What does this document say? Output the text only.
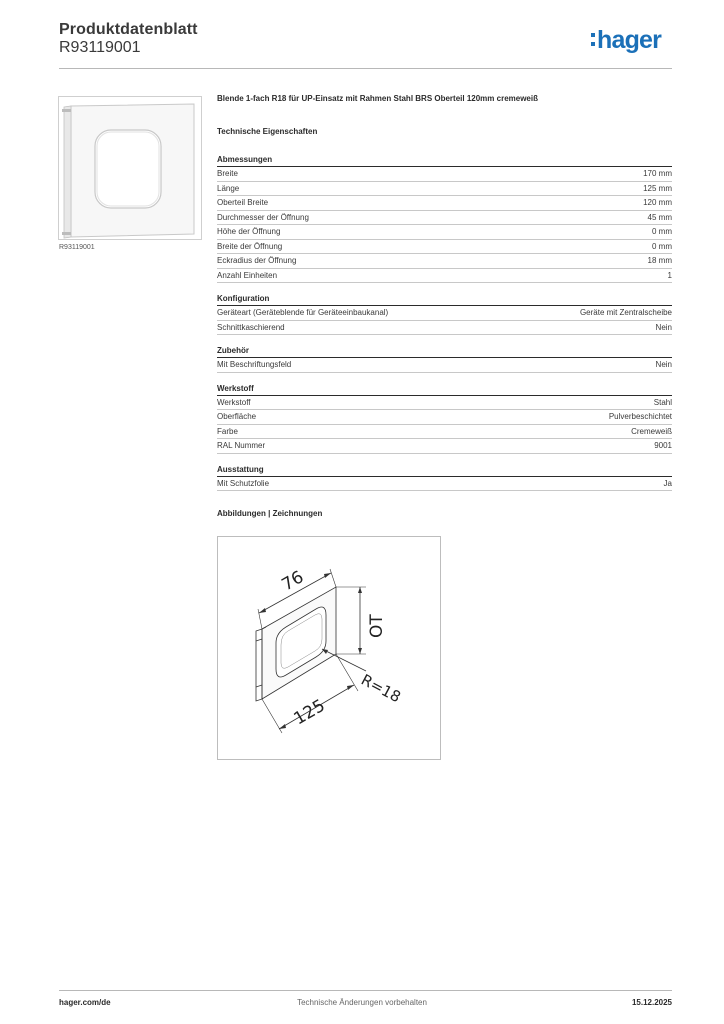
Produktdatenblatt
R93119001	hager
R93119001
Blende 1-fach R18 für UP-Einsatz mit Rahmen Stahl BRS Oberteil 120mm cremeweiß
Technische Eigenschaften
Abmessungen
Breite	170 mm
Länge	125 mm
Oberteil Breite	120 mm
Durchmesser der Öffnung	45 mm
Höhe der Öffnung	0 mm
Breite der Öffnung	0 mm
Eckradius der Öffnung	18 mm
Anzahl Einheiten	1
Konfiguration
Geräteart (Geräteblende für Geräteeinbaukanal)	Geräte mit Zentralscheibe
Schnittkaschierend	Nein
Zubehör
Mit Beschriftungsfeld	Nein
Werkstoff
Werkstoff	Stahl
Oberfläche	Pulverbeschichtet
Farbe	Cremeweiß
RAL Nummer	9001
Ausstattung
Mit Schutzfolie	Ja
Abbildungen | Zeichnungen
76
OT
R=18
125
hager.com/de	Technische Änderungen vorbehalten	15.12.2025
